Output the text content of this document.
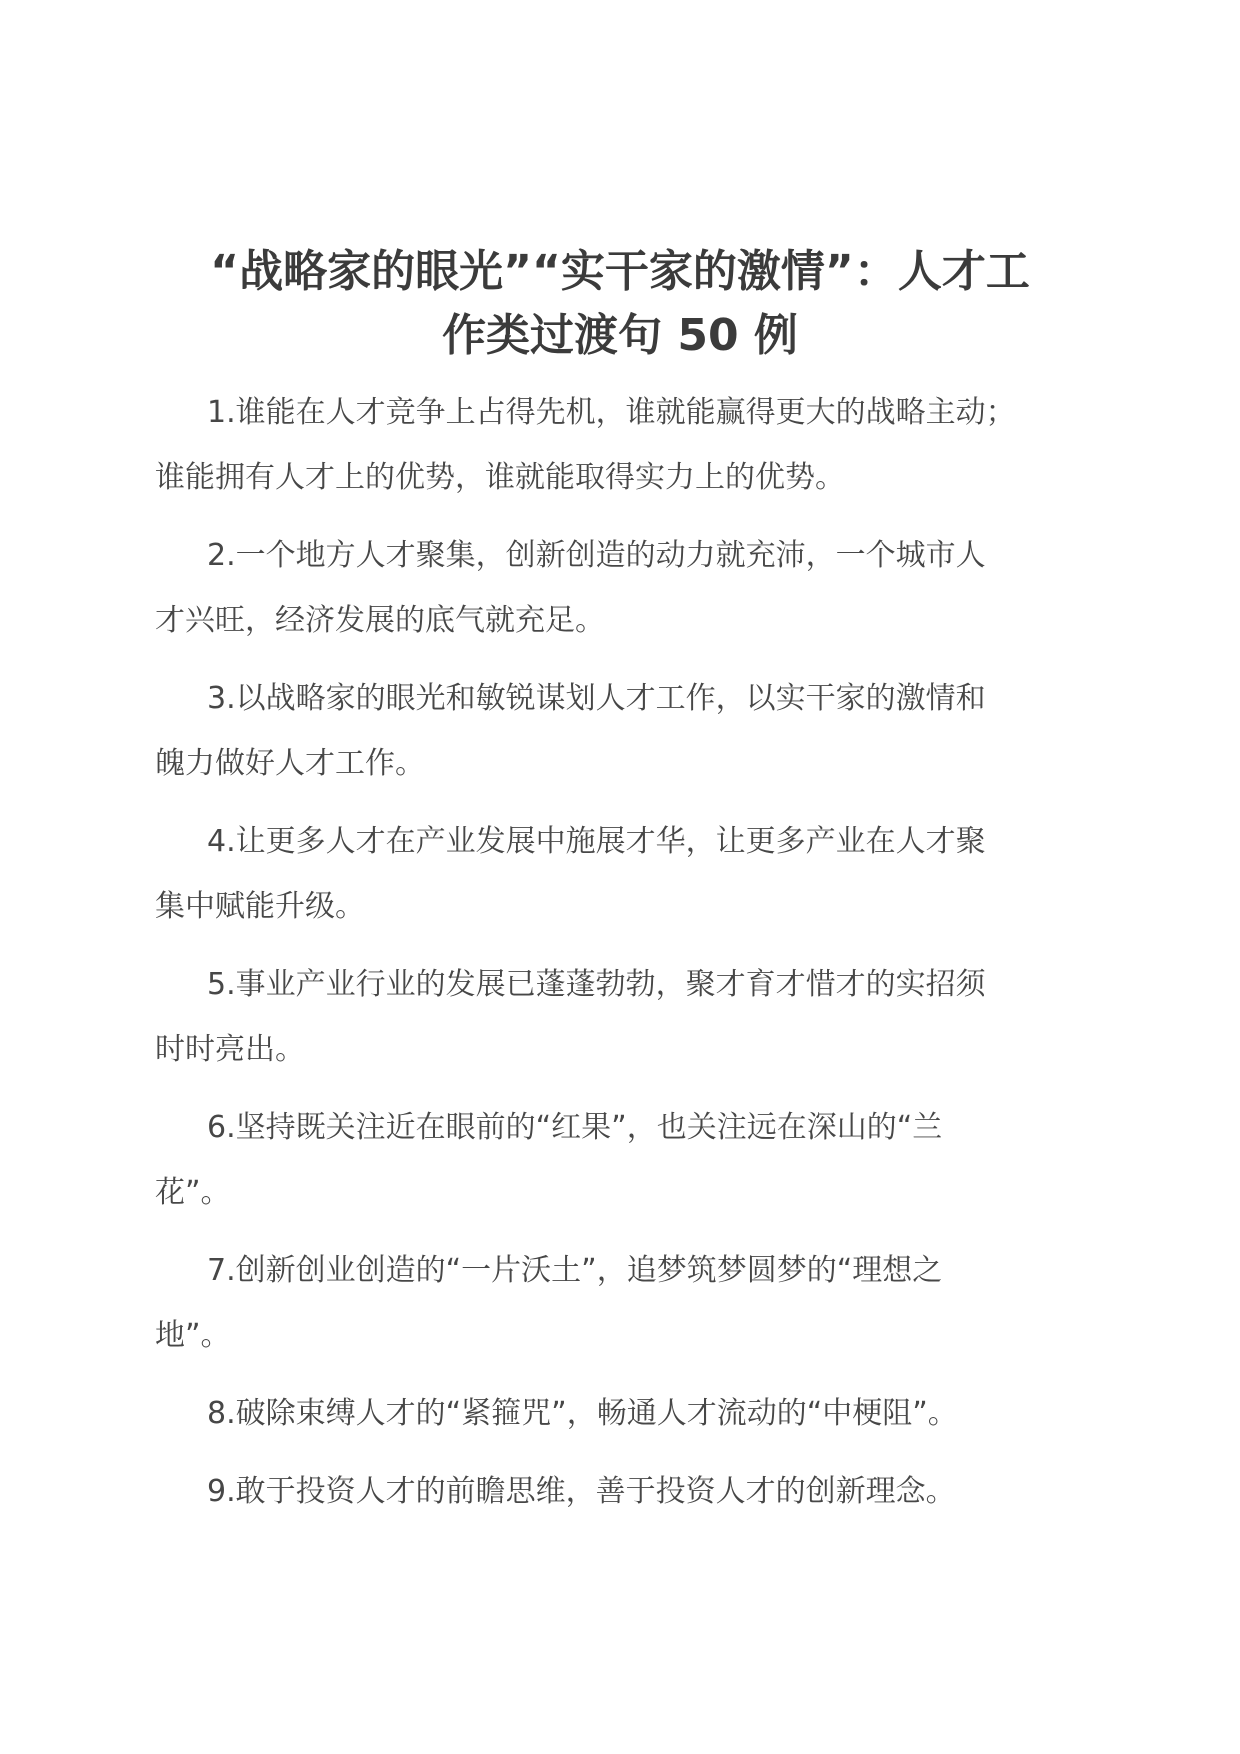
“战略家的眼光”“实干家的激情”：人才工
作类过渡句 50 例

1.谁能在人才竞争上占得先机，谁就能赢得更大的战略主动；
谁能拥有人才上的优势，谁就能取得实力上的优势。

2.一个地方人才聚集，创新创造的动力就充沛，一个城市人
才兴旺，经济发展的底气就充足。

3.以战略家的眼光和敏锐谋划人才工作，以实干家的激情和
魄力做好人才工作。

4.让更多人才在产业发展中施展才华，让更多产业在人才聚
集中赋能升级。

5.事业产业行业的发展已蓬蓬勃勃，聚才育才惜才的实招须
时时亮出。

6.坚持既关注近在眼前的“红果”，也关注远在深山的“兰
花”。

7.创新创业创造的“一片沃土”，追梦筑梦圆梦的“理想之
地”。

8.破除束缚人才的“紧箍咒”，畅通人才流动的“中梗阻”。

9.敢于投资人才的前瞻思维，善于投资人才的创新理念。
